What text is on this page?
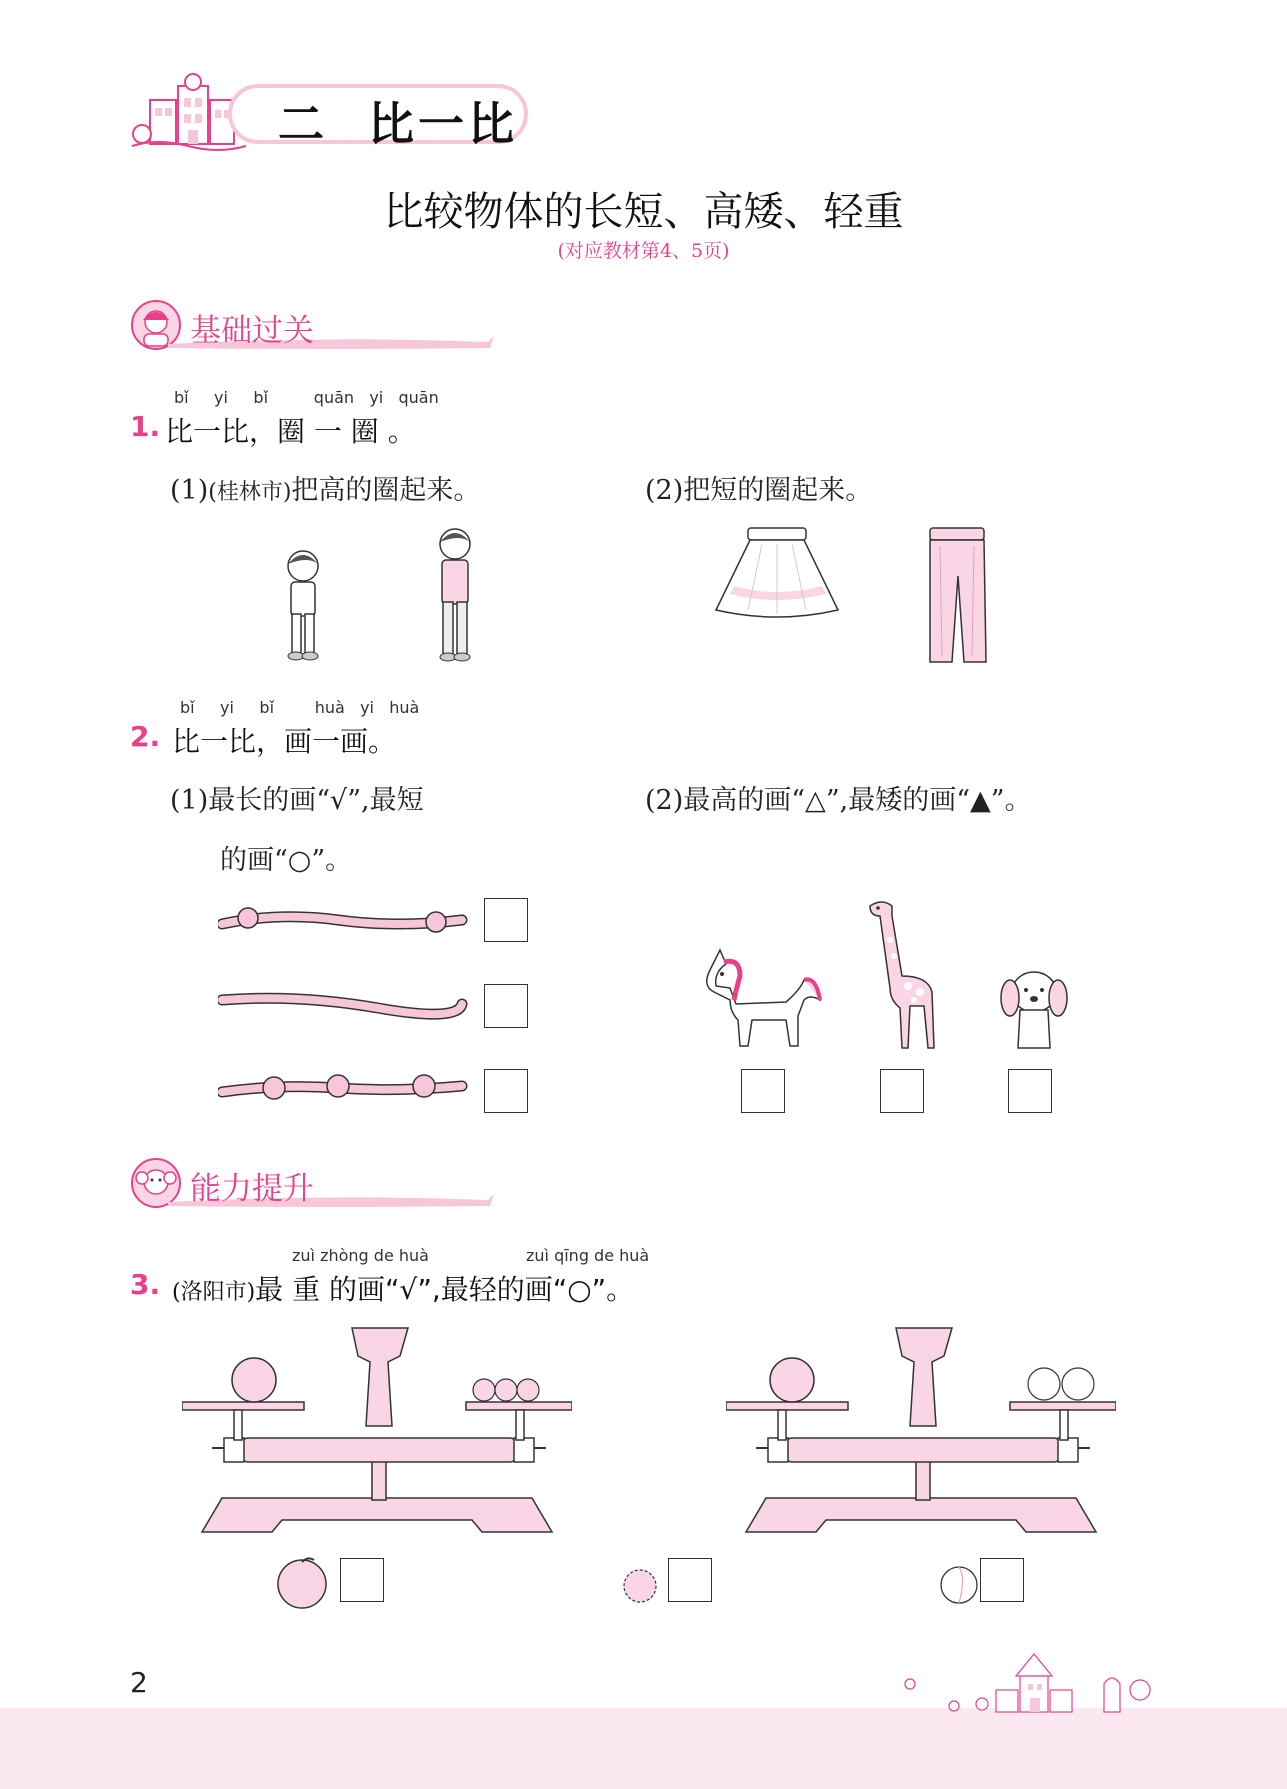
二 比一比
比较物体的长短、高矮、轻重
(对应教材第4、5页)
基础过关
bǐ yi bǐ	quān yi quān
1. 比一比，圈 一 圈 。
(1)(桂林市)把高的圈起来。	(2)把短的圈起来。
bǐ yi bǐ	huà yi huà
2. 比一比，画一画。
(1)最长的画“√”,最短
的画“○”。
(2)最高的画“△”,最矮的画“▲”。
能力提升
zuì zhòng de huà	zuì qīng de huà
3. (洛阳市)最 重 的画“√”,最轻的画“○”。
2
